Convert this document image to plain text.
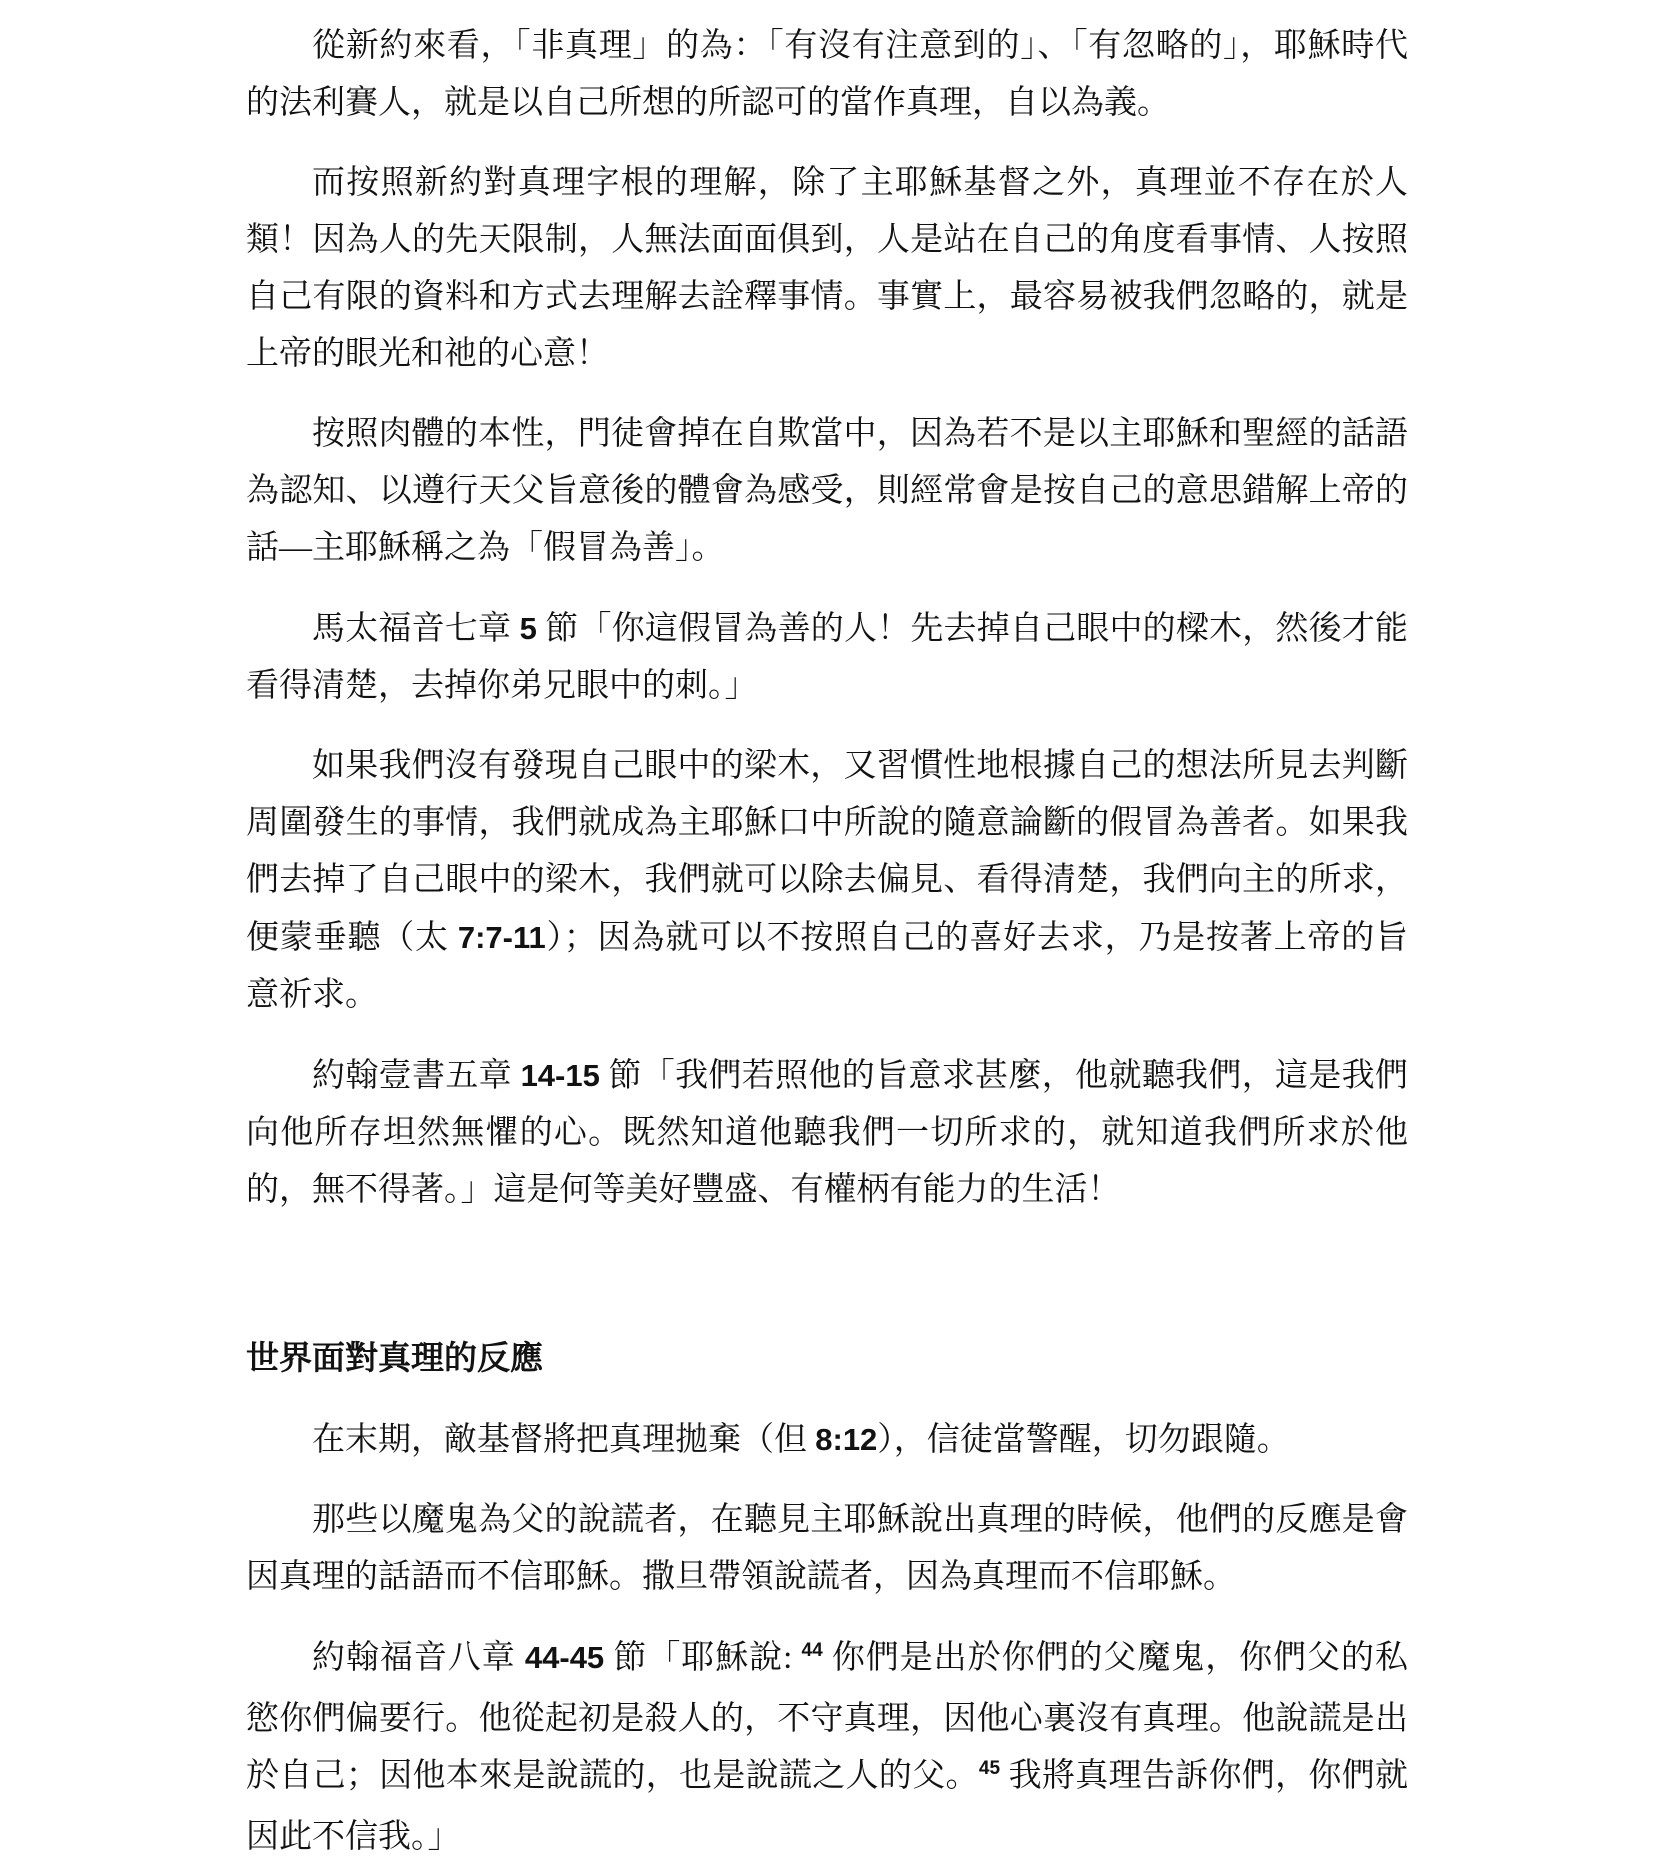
從新約來看，「非真理」的為：「有沒有注意到的」、「有忽略的」，耶穌時代的法利賽人，就是以自己所想的所認可的當作真理，自以為義。

而按照新約對真理字根的理解，除了主耶穌基督之外，真理並不存在於人類！因為人的先天限制，人無法面面俱到，人是站在自己的角度看事情、人按照自己有限的資料和方式去理解去詮釋事情。事實上，最容易被我們忽略的，就是上帝的眼光和祂的心意！

按照肉體的本性，門徒會掉在自欺當中，因為若不是以主耶穌和聖經的話語為認知、以遵行天父旨意後的體會為感受，則經常會是按自己的意思錯解上帝的話—主耶穌稱之為「假冒為善」。

馬太福音七章 5 節「你這假冒為善的人！先去掉自己眼中的樑木，然後才能看得清楚，去掉你弟兄眼中的刺。」

如果我們沒有發現自己眼中的梁木，又習慣性地根據自己的想法所見去判斷周圍發生的事情，我們就成為主耶穌口中所說的隨意論斷的假冒為善者。如果我們去掉了自己眼中的梁木，我們就可以除去偏見、看得清楚，我們向主的所求，便蒙垂聽（太 7:7-11）；因為就可以不按照自己的喜好去求，乃是按著上帝的旨意祈求。

約翰壹書五章 14-15 節「我們若照他的旨意求甚麼，他就聽我們，這是我們向他所存坦然無懼的心。既然知道他聽我們一切所求的，就知道我們所求於他的，無不得著。」這是何等美好豐盛、有權柄有能力的生活！

世界面對真理的反應

在末期，敵基督將把真理拋棄（但 8:12），信徒當警醒，切勿跟隨。

那些以魔鬼為父的說謊者，在聽見主耶穌說出真理的時候，他們的反應是會因真理的話語而不信耶穌。撒旦帶領說謊者，因為真理而不信耶穌。

約翰福音八章 44-45 節「耶穌說: $^{44}$ 你們是出於你們的父魔鬼，你們父的私慾你們偏要行。他從起初是殺人的，不守真理，因他心裏沒有真理。他說謊是出於自己；因他本來是說謊的，也是說謊之人的父。$^{45}$ 我將真理告訴你們，你們就因此不信我。」
